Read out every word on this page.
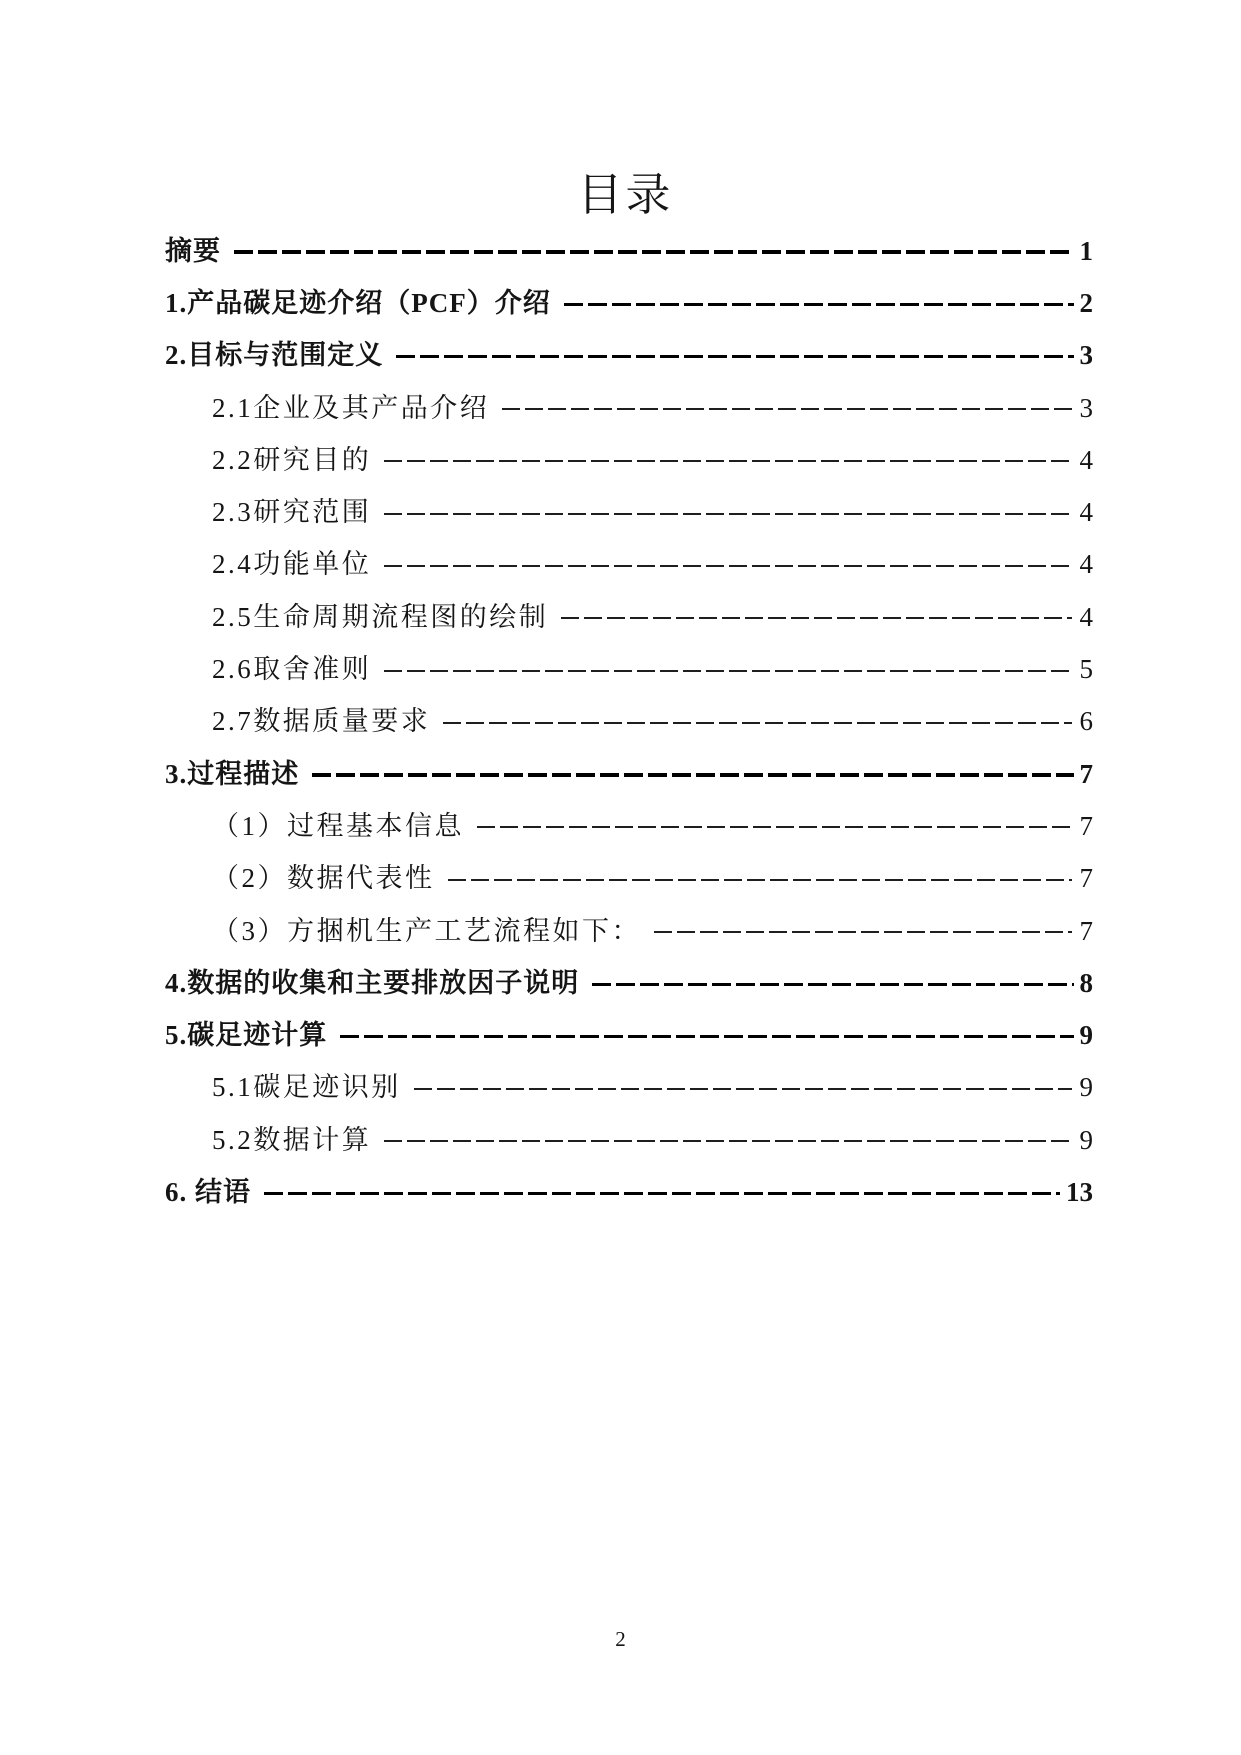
目录
摘要	1
1.产品碳足迹介绍（PCF）介绍	2
2.目标与范围定义	3
2.1企业及其产品介绍	3
2.2研究目的	4
2.3研究范围	4
2.4功能单位	4
2.5生命周期流程图的绘制	4
2.6取舍准则	5
2.7数据质量要求	6
3.过程描述	7
（1）过程基本信息	7
（2）数据代表性	7
（3）方捆机生产工艺流程如下：	7
4.数据的收集和主要排放因子说明	8
5.碳足迹计算	9
5.1碳足迹识别	9
5.2数据计算	9
6. 结语	13
2
